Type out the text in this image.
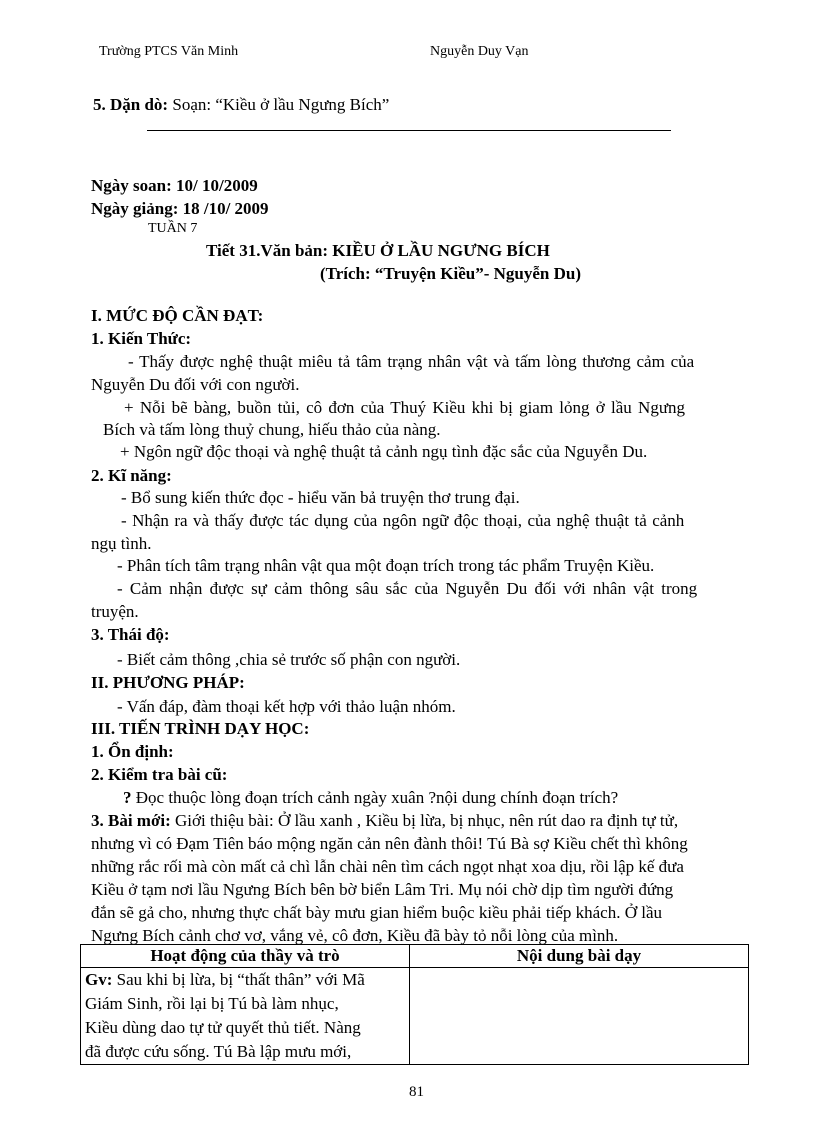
Trường PTCS Văn Minh	Nguyễn Duy Vạn
5. Dặn dò: Soạn: “Kiều ở lầu Ngưng Bích”
Ngày soan: 10/ 10/2009
Ngày giảng: 18 /10/ 2009
TUẦN 7
Tiết 31.Văn bản: KIỀU Ở LẦU NGƯNG BÍCH
(Trích: “Truyện Kiều”- Nguyễn Du)
I. MỨC ĐỘ CẦN ĐẠT:
1. Kiến Thức:
- Thấy được nghệ thuật miêu tả tâm trạng nhân vật và tấm lòng thương cảm của
Nguyễn Du đối với con người.
+ Nỗi bẽ bàng, buồn tủi, cô đơn của Thuý Kiều khi bị giam lỏng ở lầu Ngưng
Bích và tấm lòng thuỷ chung, hiếu thảo của nàng.
+ Ngôn ngữ độc thoại và nghệ thuật tả cảnh ngụ tình đặc sắc của Nguyễn Du.
2. Kĩ năng:
- Bổ sung kiến thức đọc - hiểu văn bả truyện thơ trung đại.
- Nhận ra và thấy được tác dụng của ngôn ngữ độc thoại, của nghệ thuật tả cảnh
ngụ tình.
- Phân tích tâm trạng nhân vật qua một đoạn trích trong tác phẩm Truyện Kiều.
- Cảm nhận được sự cảm thông sâu sắc của Nguyễn Du đối với nhân vật trong
truyện.
3. Thái độ:
- Biết cảm thông ,chia sẻ trước số phận con người.
II. PHƯƠNG PHÁP:
- Vấn đáp, đàm thoại kết hợp với thảo luận nhóm.
III. TIẾN TRÌNH DẠY HỌC:
1. Ổn định:
2. Kiểm tra bài cũ:
? Đọc thuộc lòng đoạn trích cảnh ngày xuân ?nội dung chính đoạn trích?
3. Bài mới: Giới thiệu bài: Ở lầu xanh , Kiều bị lừa, bị nhục, nên rút dao ra định tự tử,
nhưng vì có Đạm Tiên báo mộng ngăn cản nên đành thôi! Tú Bà sợ Kiều chết thì không
những rắc rối mà còn mất cả chì lẫn chài nên tìm cách ngọt nhạt xoa dịu, rồi lập kế đưa
Kiều ở tạm nơi lầu Ngưng Bích bên bờ biển Lâm Tri. Mụ nói chờ dịp tìm người đứng
đắn sẽ gả cho, nhưng thực chất bày mưu gian hiểm buộc kiều phải tiếp khách. Ở lầu
Ngưng Bích cảnh chơ vơ, vắng vẻ, cô đơn, Kiều đã bày tỏ nỗi lòng của mình.
Hoạt động của thầy và trò	Nội dung bài dạy

Gv: Sau khi bị lừa, bị “thất thân” với Mã
Giám Sinh, rồi lại bị Tú bà làm nhục,
Kiều dùng dao tự tử quyết thủ tiết. Nàng
đã được cứu sống. Tú Bà lập mưu mới,	

81
